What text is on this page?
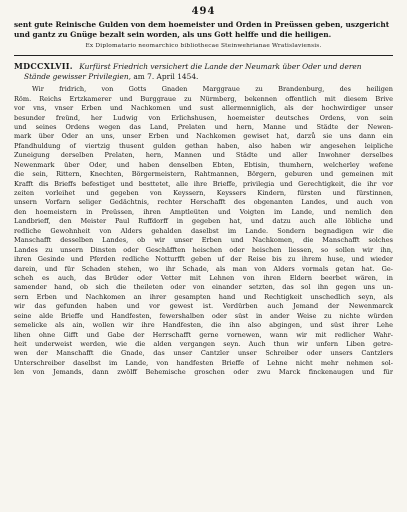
494
sent gute Reinische Gulden von dem hoemeister und Orden in Preüssen geben, uszgericht
und gantz zu Gnüge bezalt sein worden, als uns Gott helffe und die heiligen.
Ex Diplomatario neomarchico bibliothecae Steinwehrianae Wratislaviensis.
MDCCXLVII. Kurfürst Friedrich versichert die Lande der Neumark über Oder und deren
Stände gewisser Privilegien, am 7. April 1454.
Wir fridrich, von Gotts Gnaden Marggraue zu Brandenburg, des heiligen
Röm. Reichs Ertzkamerer und Burggraue zu Nürmberg, bekennen offentlich mit diesem Brive
vor vns, vnser Erben und Nachkomen und sust allermenniglich, als der hochwirdiger unser
besunder freünd, her Ludwig von Erlichshusen, hoemeister deutsches Ordens, von sein
und seines Ordens wegen das Land, Prelaten und hern, Manne und Städte der Newen-
mark über Oder an uns, unser Erben und Nachkomen gewiset hat, darzů sie uns dann ein
Pfandhuldung of viertzig thusent gulden gethan haben, also haben wir angesehen leipliche
Zuneigung derselben Prelaten, hern, Mannen und Städte und aller Inwohner derselbes
Newenmark über Oder, und haben denselben Ebten, Ebtisin, thumhern, welcherley wefene
die sein, Rittern, Knechten, Börgermeistern, Rahtmannen, Börgern, geburen und gemeinen mit
Krafft dis Brieffs befestiget und besttetet, alle ihre Brieffe, privilegia und Gerechtigkeit, die ihr vor
zeiten vorleihet und gegeben von Keyssern, Keyssers Kindern, fürsten und fürstinnen,
unsern Vorfarn seliger Gedächtnis, rechter Herschafft des obgenanten Landes, und auch von
den hoemeistern in Preüssen, ihren Amptleüten und Voigten im Lande, und nemlich den
Landbrieff, den Meister Paul Ruffdorff in gegeben hat, und datzu auch alle löbliche und
redliche Gewohnheit von Alders gehalden daselbst im Lande. Sondern begnadigen wir die
Manschafft desselben Landes, ob wir unser Erben und Nachkomen, die Manschafft solches
Landes zu unsern Dinsten oder Geschäfften heischen oder heischen liessen, so sollen wir ihn,
ihren Gesinde und Pferden redliche Notturfft geben uf der Reise bis zu ihrem huse, und wieder
darein, und für Schaden stehen, wo ihr Schade, als man von Alders vormals getan hat. Ge-
scheh es auch, das Brüder oder Vetter mit Lehnen von ihren Eldern beerbet wären, in
samender hand, ob sich die theileten oder von einander setzten, das sol ihn gegen uns un-
sern Erben und Nachkomen an ihrer gesampten hand und Rechtigkeit unschedlich seyn, als
wir das gefunden haben und vor gewest ist. Verdürben auch Jemand der Newenmarck
seine alde Brieffe und Handfesten, fewershalben oder süst in ander Weise zu nichte würden
semelicke als ain, wollen wir ihre Handfesten, die ihn also abgingen, und süst ihrer Lehe
lihen ohne Gifft und Gabe der Herrschafft gerne vornewen, wann wir mit redlicher Wahr-
heit underweist werden, wie die alden vergangen seyn. Auch thun wir unfern Liben getre-
wen der Manschafft die Gnade, das unser Cantzler unser Schreiber oder unsers Cantzlers
Unterschreiber daselbst im Lande, von handfesten Brieffe of Lehne nicht mehr nehmen sol-
len von Jemands, dann zwölff Behemische groschen oder zwu Marck finckenaugen und für
